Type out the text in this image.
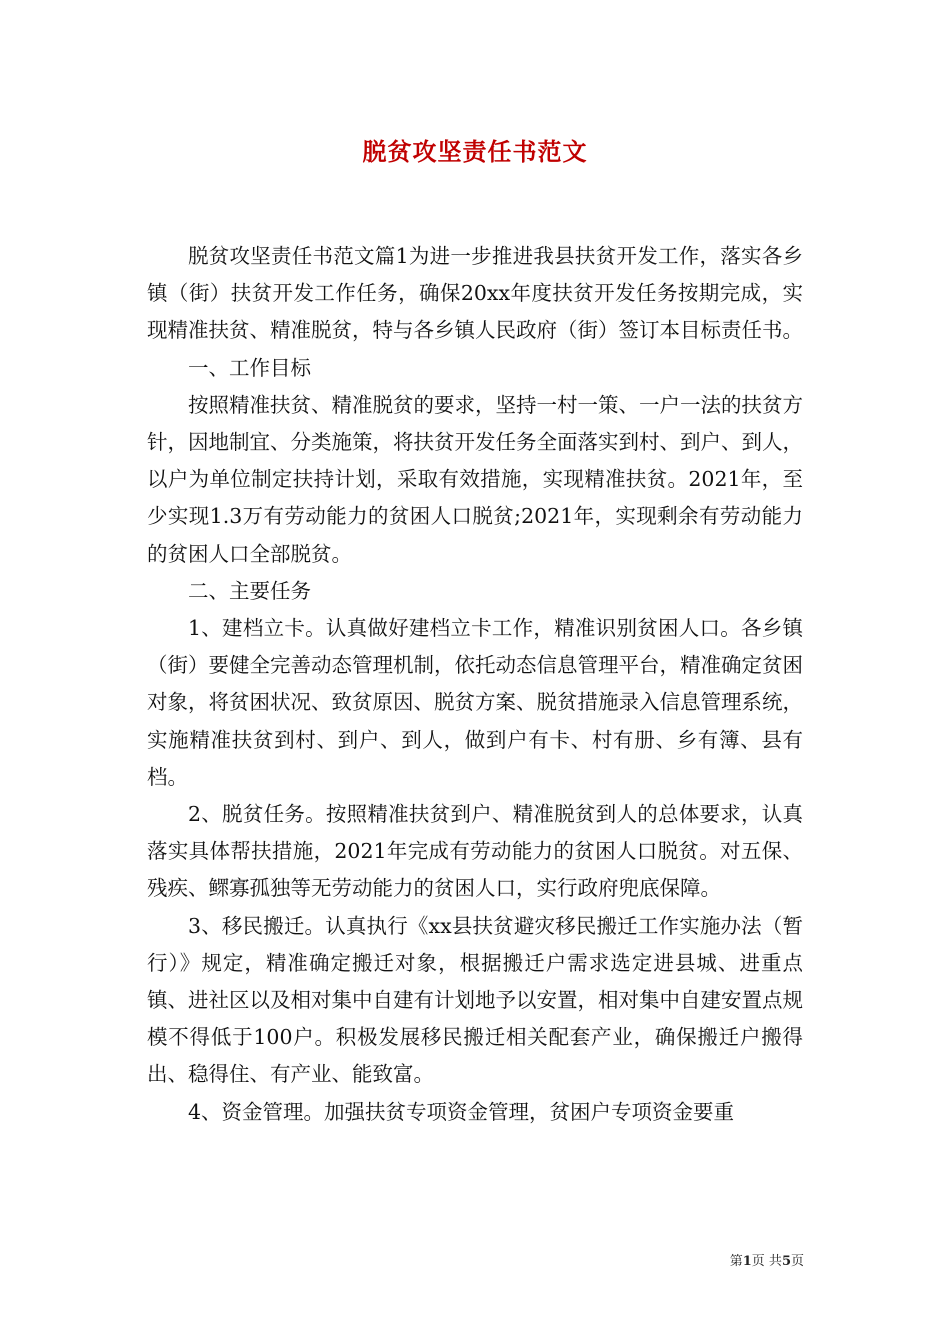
脱贫攻坚责任书范文

脱贫攻坚责任书范文篇1为进一步推进我县扶贫开发工作，落实各乡镇（街）扶贫开发工作任务，确保20xx年度扶贫开发任务按期完成，实现精准扶贫、精准脱贫，特与各乡镇人民政府（街）签订本目标责任书。

一、工作目标

按照精准扶贫、精准脱贫的要求，坚持一村一策、一户一法的扶贫方针，因地制宜、分类施策，将扶贫开发任务全面落实到村、到户、到人，以户为单位制定扶持计划，采取有效措施，实现精准扶贫。2021年，至少实现1.3万有劳动能力的贫困人口脱贫;2021年，实现剩余有劳动能力的贫困人口全部脱贫。

二、主要任务

1、建档立卡。认真做好建档立卡工作，精准识别贫困人口。各乡镇（街）要健全完善动态管理机制，依托动态信息管理平台，精准确定贫困对象，将贫困状况、致贫原因、脱贫方案、脱贫措施录入信息管理系统，实施精准扶贫到村、到户、到人，做到户有卡、村有册、乡有簿、县有档。

2、脱贫任务。按照精准扶贫到户、精准脱贫到人的总体要求，认真落实具体帮扶措施，2021年完成有劳动能力的贫困人口脱贫。对五保、残疾、鳏寡孤独等无劳动能力的贫困人口，实行政府兜底保障。

3、移民搬迁。认真执行《xx县扶贫避灾移民搬迁工作实施办法（暂行）》规定，精准确定搬迁对象，根据搬迁户需求选定进县城、进重点镇、进社区以及相对集中自建有计划地予以安置，相对集中自建安置点规模不得低于100户。积极发展移民搬迁相关配套产业，确保搬迁户搬得出、稳得住、有产业、能致富。

4、资金管理。加强扶贫专项资金管理，贫困户专项资金要重

第1页 共5页
